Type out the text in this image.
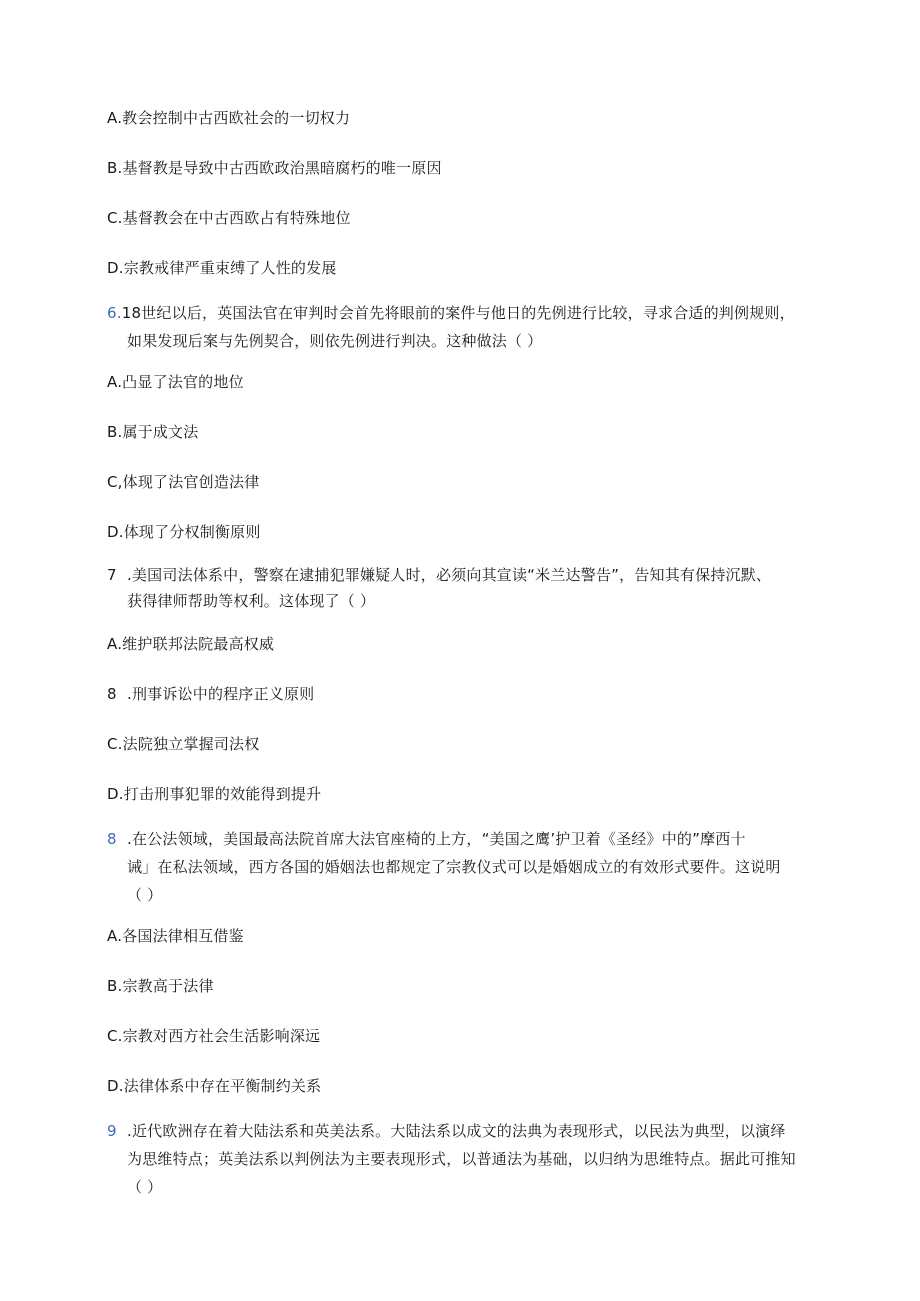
A.教会控制中古西欧社会的一切权力
B.基督教是导致中古西欧政治黑暗腐朽的唯一原因
C.基督教会在中古西欧占有特殊地位
D.宗教戒律严重束缚了人性的发展
6.18世纪以后，英国法官在审判时会首先将眼前的案件与他日的先例进行比较，寻求合适的判例规则，
如果发现后案与先例契合，则依先例进行判决。这种做法（ ）
A.凸显了法官的地位
B.属于成文法
C,体现了法官创造法律
D.体现了分权制衡原则
7 .美国司法体系中，警察在逮捕犯罪嫌疑人时，必须向其宣读“米兰达警告”，告知其有保持沉默、
获得律师帮助等权利。这体现了（ ）
A.维护联邦法院最高权威
8 .刑事诉讼中的程序正义原则
C.法院独立掌握司法权
D.打击刑事犯罪的效能得到提升
8 .在公法领域，美国最高法院首席大法官座椅的上方，“美国之鹰’护卫着《圣经》中的”摩西十
诫」在私法领域，西方各国的婚姻法也都规定了宗教仪式可以是婚姻成立的有效形式要件。这说明
（ ）
A.各国法律相互借鉴
B.宗教高于法律
C.宗教对西方社会生活影响深远
D.法律体系中存在平衡制约关系
9 .近代欧洲存在着大陆法系和英美法系。大陆法系以成文的法典为表现形式，以民法为典型，以演绎
为思维特点；英美法系以判例法为主要表现形式，以普通法为基础，以归纳为思维特点。据此可推知
（ ）
